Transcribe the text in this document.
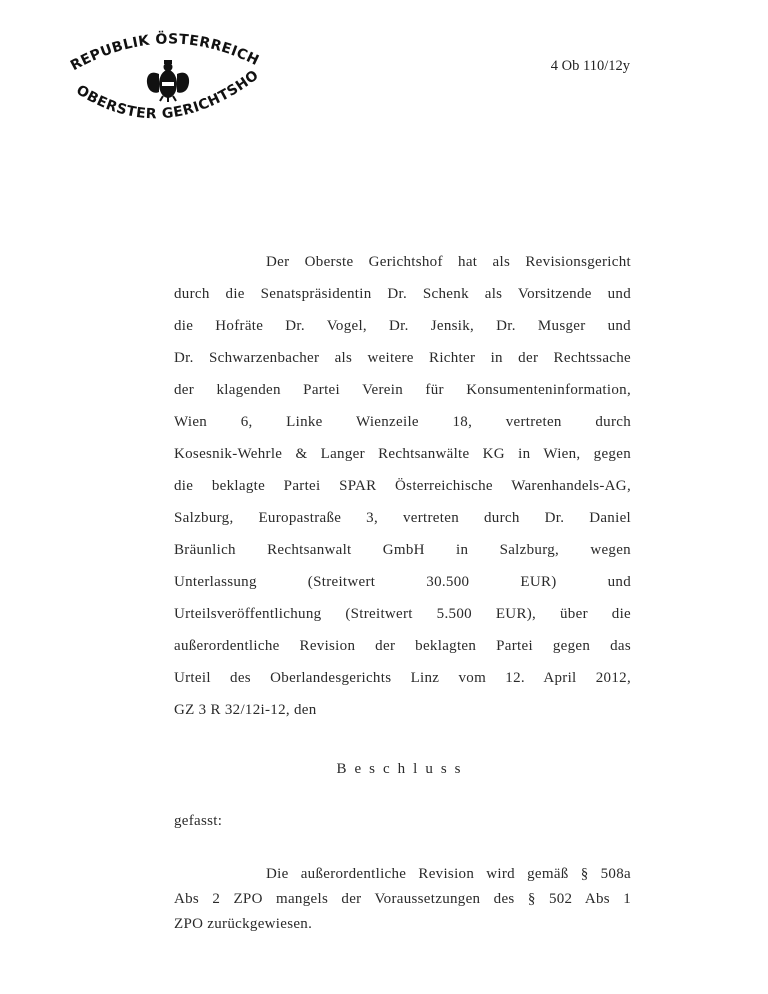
REPUBLIK ÖSTERREICH
OBERSTER GERICHTSHO
4 Ob 110/12y
Der Oberste Gerichtshof hat als Revisionsgericht
durch die Senatspräsidentin Dr. Schenk als Vorsitzende und
die Hofräte Dr. Vogel, Dr. Jensik, Dr. Musger und
Dr. Schwarzenbacher als weitere Richter in der Rechtssache
der klagenden Partei Verein für Konsumenteninformation,
Wien 6, Linke Wienzeile 18, vertreten durch
Kosesnik-Wehrle & Langer Rechtsanwälte KG in Wien, gegen
die beklagte Partei SPAR Österreichische Warenhandels-AG,
Salzburg, Europastraße 3, vertreten durch Dr. Daniel
Bräunlich Rechtsanwalt GmbH in Salzburg, wegen
Unterlassung (Streitwert 30.500 EUR) und
Urteilsveröffentlichung (Streitwert 5.500 EUR), über die
außerordentliche Revision der beklagten Partei gegen das
Urteil des Oberlandesgerichts Linz vom 12. April 2012,
GZ 3 R 32/12i-12, den
Beschluss
gefasst:
Die außerordentliche Revision wird gemäß § 508a
Abs 2 ZPO mangels der Voraussetzungen des § 502 Abs 1
ZPO zurückgewiesen.
